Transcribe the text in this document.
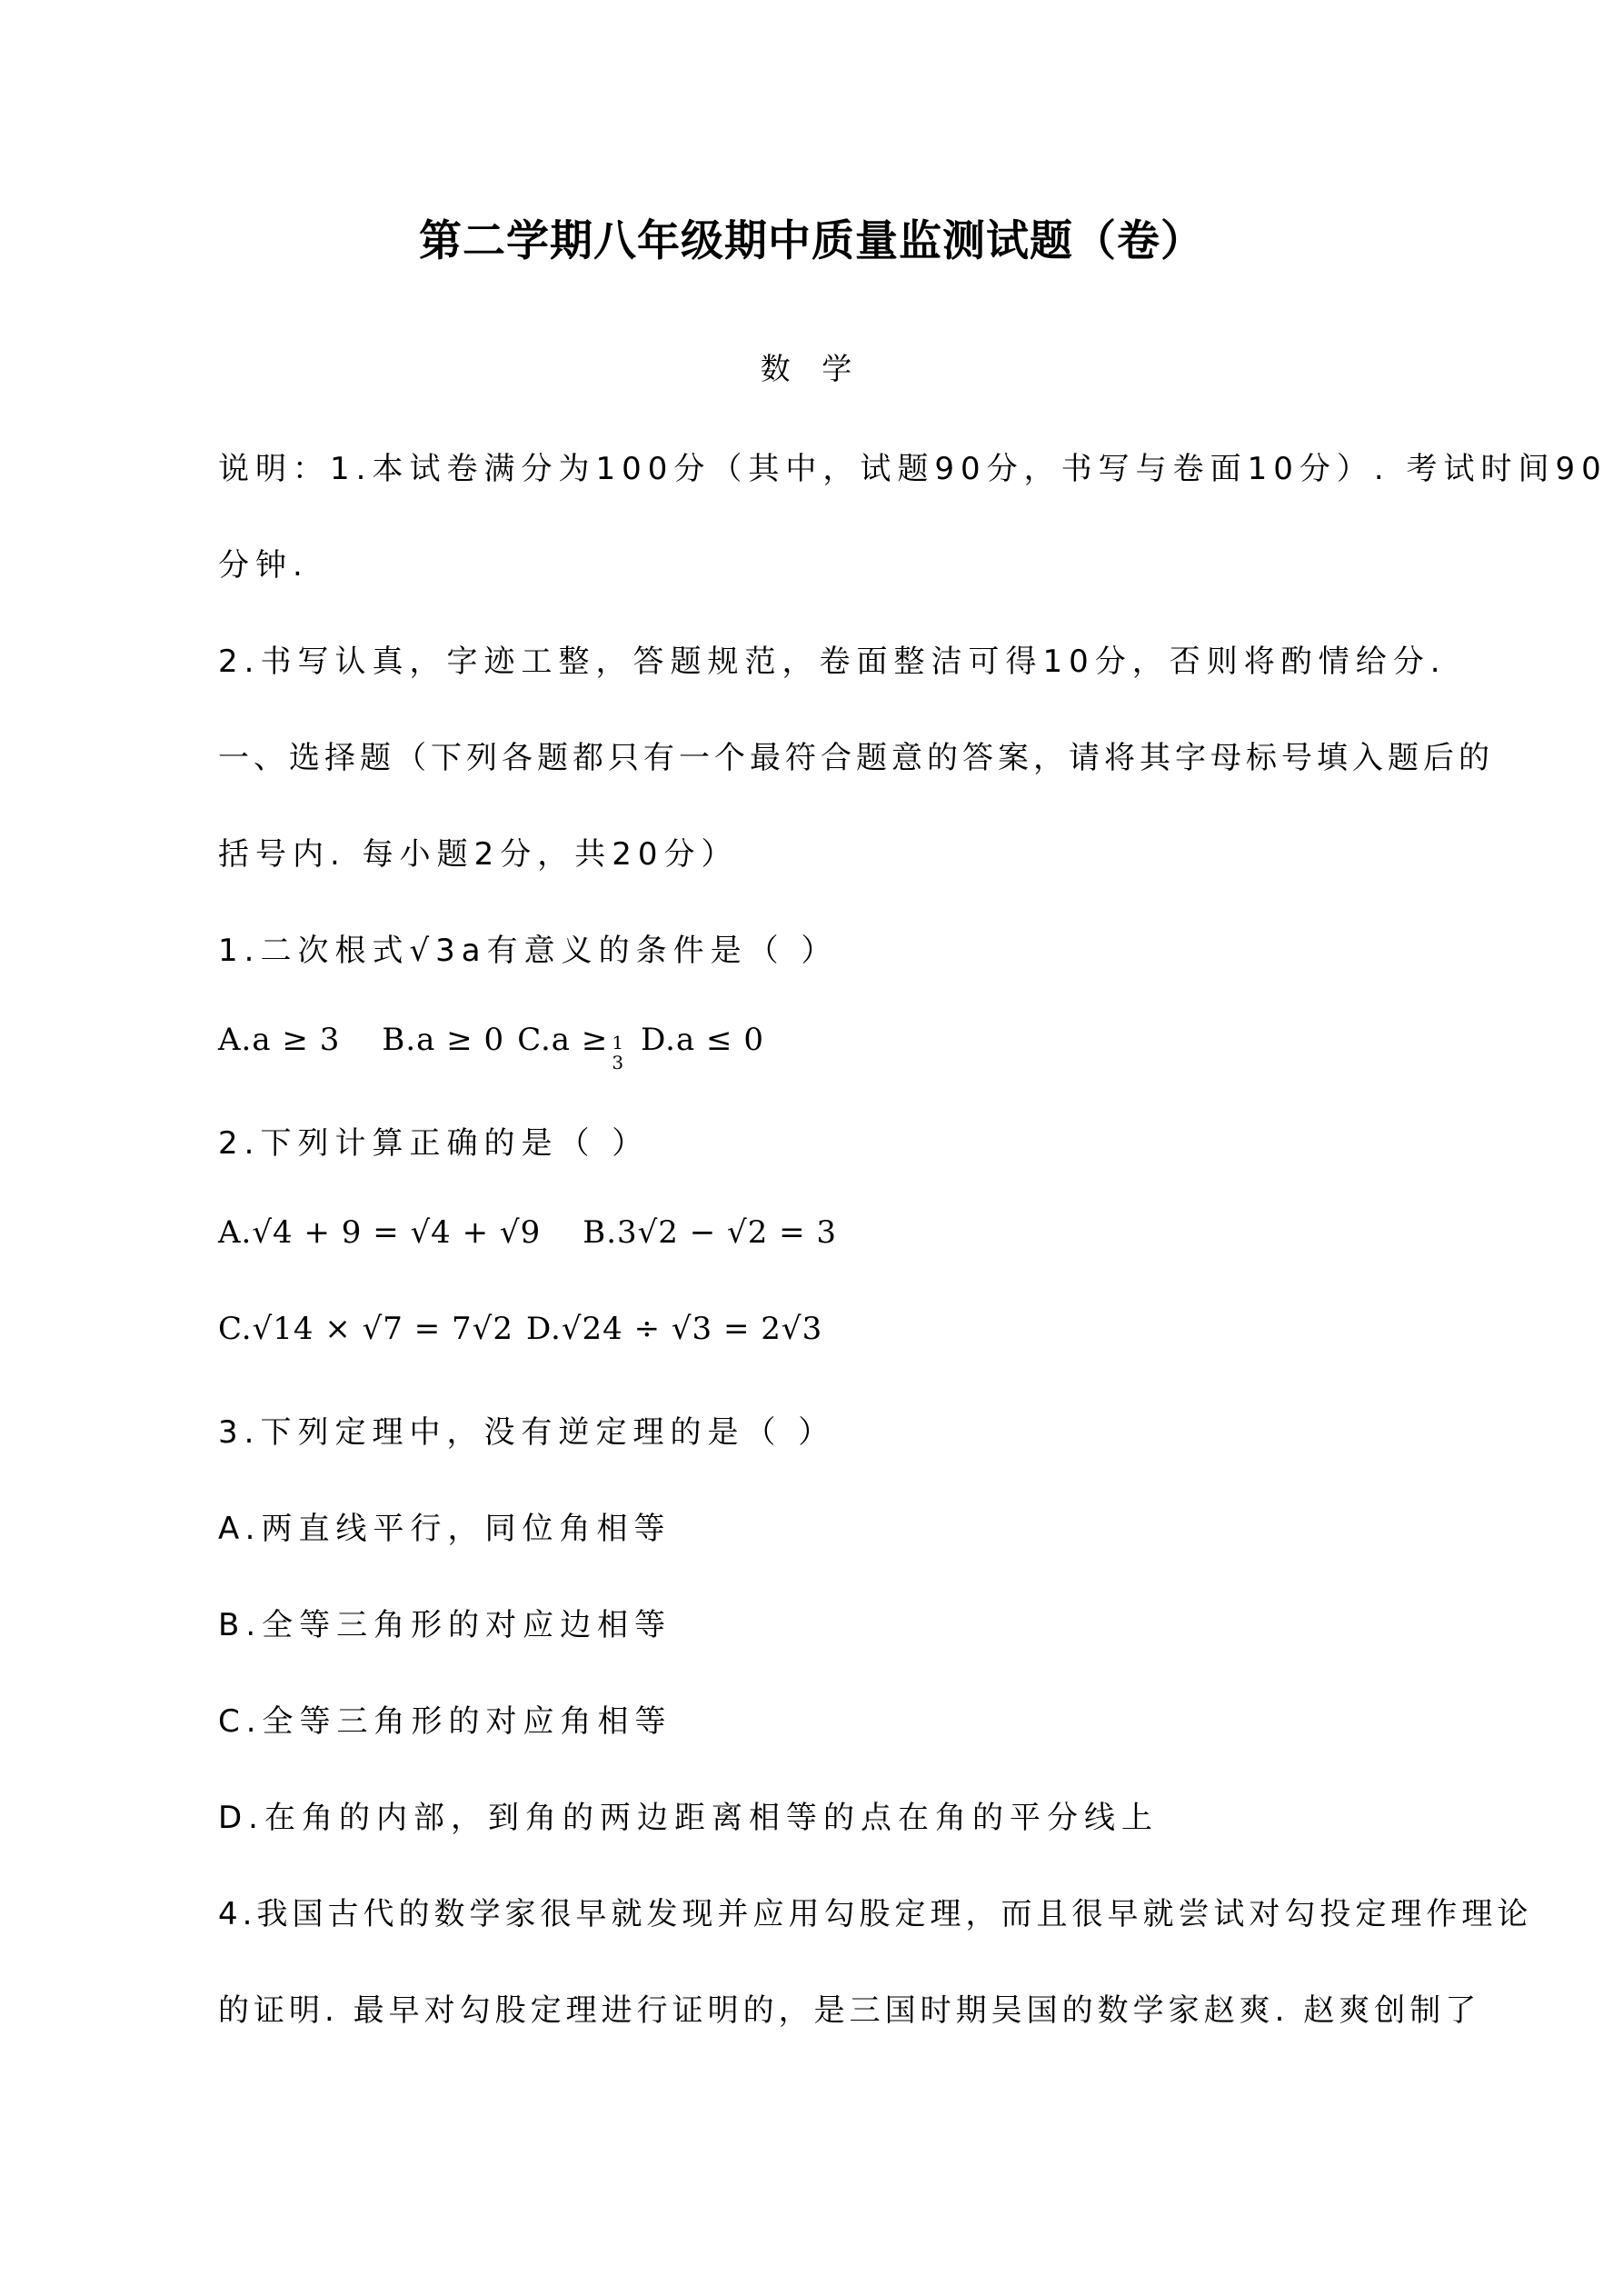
第二学期八年级期中质量监测试题（卷）
数 学
说明：1.本试卷满分为100分（其中，试题90分，书写与卷面10分）. 考试时间90
分钟.
2.书写认真，字迹工整，答题规范，卷面整洁可得10分，否则将酌情给分.
一、选择题（下列各题都只有一个最符合题意的答案，请将其字母标号填入题后的
括号内. 每小题2分，共20分）
1.二次根式√3a有意义的条件是（ ）
A.a ≥ 3 B.a ≥ 0 C.a ≥ 1
3
D.a ≤ 0
2.下列计算正确的是（ ）
A.√4 + 9 = √4 + √9 B.3√2 − √2 = 3
C.√14 × √7 = 7√2 D.√24 ÷ √3 = 2√3
3.下列定理中，没有逆定理的是（ ）
A.两直线平行，同位角相等
B.全等三角形的对应边相等
C.全等三角形的对应角相等
D.在角的内部，到角的两边距离相等的点在角的平分线上
4.我国古代的数学家很早就发现并应用勾股定理，而且很早就尝试对勾投定理作理论
的证明. 最早对勾股定理进行证明的，是三国时期吴国的数学家赵爽. 赵爽创制了
